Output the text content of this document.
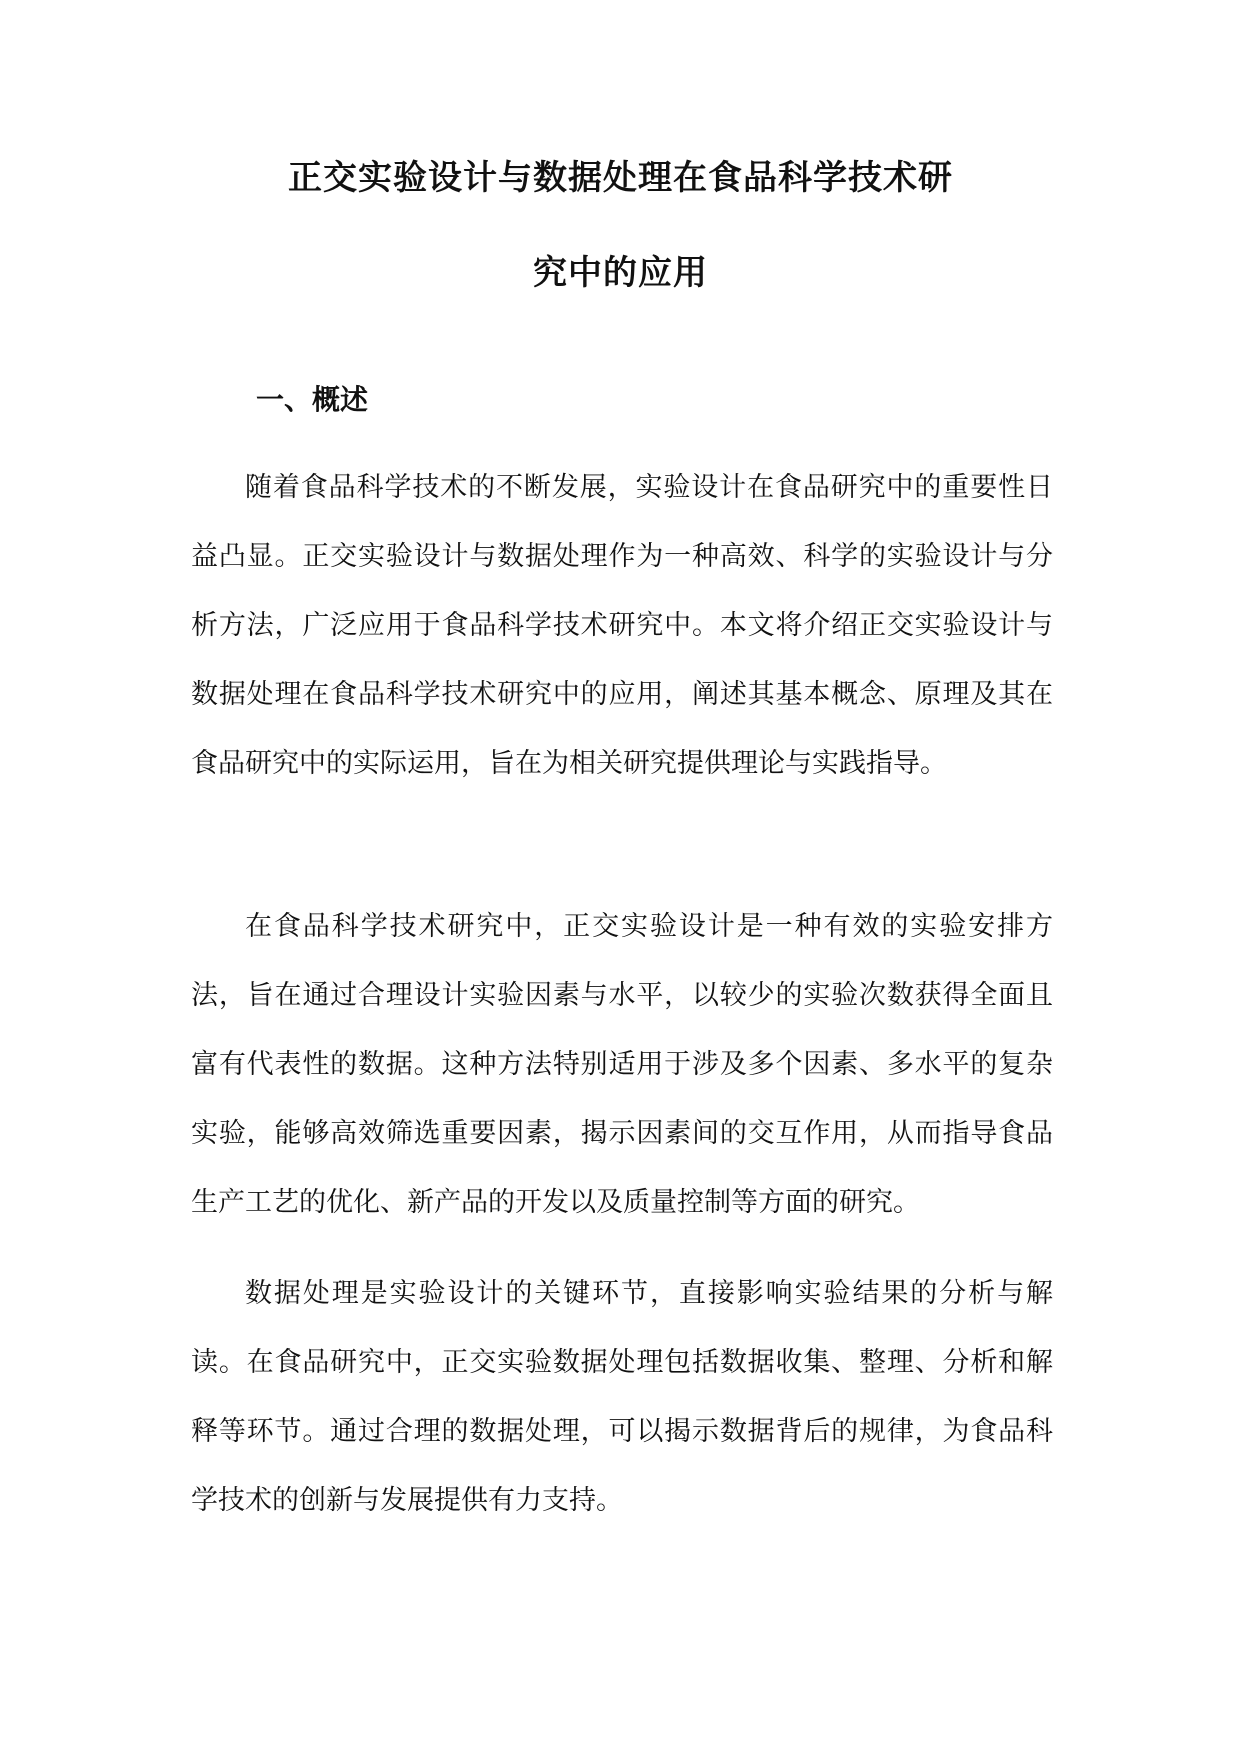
正交实验设计与数据处理在食品科学技术研
究中的应用
一、概述

随着食品科学技术的不断发展，实验设计在食品研究中的重要性日益凸显。正交实验设计与数据处理作为一种高效、科学的实验设计与分析方法，广泛应用于食品科学技术研究中。本文将介绍正交实验设计与数据处理在食品科学技术研究中的应用，阐述其基本概念、原理及其在食品研究中的实际运用，旨在为相关研究提供理论与实践指导。

在食品科学技术研究中，正交实验设计是一种有效的实验安排方法，旨在通过合理设计实验因素与水平，以较少的实验次数获得全面且富有代表性的数据。这种方法特别适用于涉及多个因素、多水平的复杂实验，能够高效筛选重要因素，揭示因素间的交互作用，从而指导食品生产工艺的优化、新产品的开发以及质量控制等方面的研究。

数据处理是实验设计的关键环节，直接影响实验结果的分析与解读。在食品研究中，正交实验数据处理包括数据收集、整理、分析和解释等环节。通过合理的数据处理，可以揭示数据背后的规律，为食品科学技术的创新与发展提供有力支持。
